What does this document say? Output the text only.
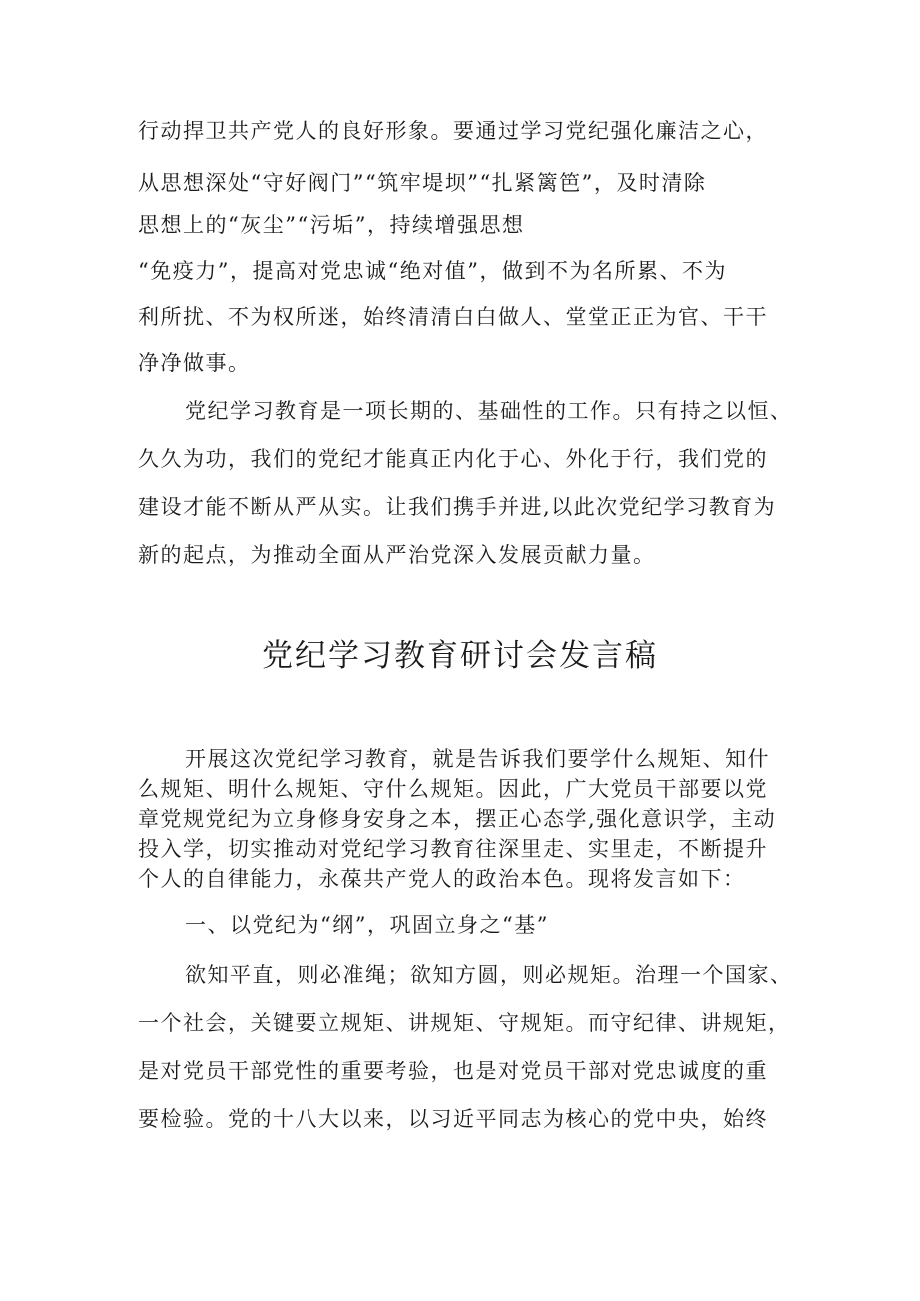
行动捍卫共产党人的良好形象。要通过学习党纪强化廉洁之心，
从思想深处“守好阀门”“筑牢堤坝”“扎紧篱笆”，及时清除
思想上的“灰尘”“污垢”，持续增强思想
“免疫力”，提高对党忠诚“绝对值”，做到不为名所累、不为
利所扰、不为权所迷，始终清清白白做人、堂堂正正为官、干干
净净做事。
党纪学习教育是一项长期的、基础性的工作。只有持之以恒、
久久为功，我们的党纪才能真正内化于心、外化于行，我们党的
建设才能不断从严从实。让我们携手并进,以此次党纪学习教育为
新的起点，为推动全面从严治党深入发展贡献力量。
党纪学习教育研讨会发言稿
开展这次党纪学习教育，就是告诉我们要学什么规矩、知什
么规矩、明什么规矩、守什么规矩。因此，广大党员干部要以党
章党规党纪为立身修身安身之本，摆正心态学,强化意识学，主动
投入学，切实推动对党纪学习教育往深里走、实里走，不断提升
个人的自律能力，永葆共产党人的政治本色。现将发言如下：
一、以党纪为“纲”，巩固立身之“基”
欲知平直，则必准绳；欲知方圆，则必规矩。治理一个国家、
一个社会，关键要立规矩、讲规矩、守规矩。而守纪律、讲规矩，
是对党员干部党性的重要考验，也是对党员干部对党忠诚度的重
要检验。党的十八大以来，以习近平同志为核心的党中央，始终
